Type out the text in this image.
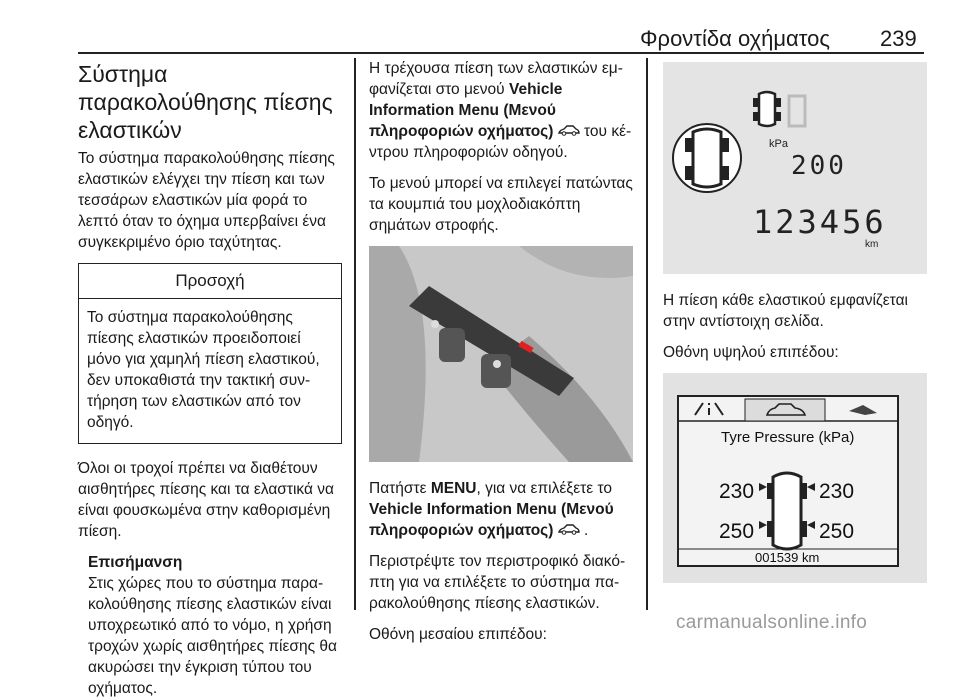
Φροντίδα οχήματος 239
Σύστημα παρακολούθησης πίεσης ελαστικών

Το σύστημα παρακολούθησης πίεσης ελαστικών ελέγχει την πίεση και των τεσσάρων ελαστικών μία φορά το λεπτό όταν το όχημα υπερβαίνει ένα συγκεκριμένο όριο ταχύτητας.

Προσοχή
Το σύστημα παρακολούθησης πίεσης ελαστικών προειδοποιεί μόνο για χαμηλή πίεση ελαστικού, δεν υποκαθιστά την τακτική συντήρηση των ελαστικών από τον οδηγό.

Όλοι οι τροχοί πρέπει να διαθέτουν αισθητήρες πίεσης και τα ελαστικά να είναι φουσκωμένα στην καθορισμένη πίεση.

Επισήμανση
Στις χώρες που το σύστημα παρακολούθησης πίεσης ελαστικών είναι υποχρεωτικό από το νόμο, η χρήση τροχών χωρίς αισθητήρες πίεσης θα ακυρώσει την έγκριση τύπου του οχήματος.

Η τρέχουσα πίεση των ελαστικών εμφανίζεται στο μενού Vehicle Information Menu (Μενού πληροφοριών οχήματος)  του κέντρου πληροφοριών οδηγού.

Το μενού μπορεί να επιλεγεί πατώντας τα κουμπιά του μοχλοδιακόπτη σημάτων στροφής.

Πατήστε MENU, για να επιλέξετε το Vehicle Information Menu (Μενού πληροφοριών οχήματος) .

Περιστρέψτε τον περιστροφικό διακόπτη για να επιλέξετε το σύστημα παρακολούθησης πίεσης ελαστικών.

Οθόνη μεσαίου επιπέδου:

kPa
200
123456
km

Η πίεση κάθε ελαστικού εμφανίζεται στην αντίστοιχη σελίδα.

Οθόνη υψηλού επιπέδου:

Tyre Pressure (kPa)
230	230
250	250
001539 km
carmanualsonline.info
